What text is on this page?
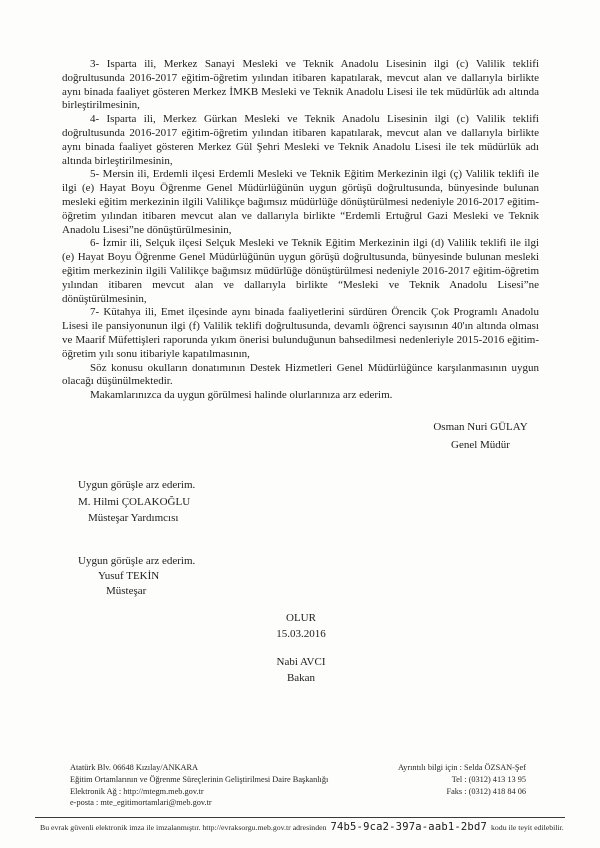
3- Isparta ili, Merkez Sanayi Mesleki ve Teknik Anadolu Lisesinin ilgi (c) Valilik teklifi doğrultusunda 2016-2017 eğitim-öğretim yılından itibaren kapatılarak, mevcut alan ve dallarıyla birlikte aynı binada faaliyet gösteren Merkez İMKB Mesleki ve Teknik Anadolu Lisesi ile tek müdürlük adı altında birleştirilmesinin,

4- Isparta ili, Merkez Gürkan Mesleki ve Teknik Anadolu Lisesinin ilgi (c) Valilik teklifi doğrultusunda 2016-2017 eğitim-öğretim yılından itibaren kapatılarak, mevcut alan ve dallarıyla birlikte aynı binada faaliyet gösteren Merkez Gül Şehri Mesleki ve Teknik Anadolu Lisesi ile tek müdürlük adı altında birleştirilmesinin,

5- Mersin ili, Erdemli ilçesi Erdemli Mesleki ve Teknik Eğitim Merkezinin ilgi (ç) Valilik teklifi ile ilgi (e) Hayat Boyu Öğrenme Genel Müdürlüğünün uygun görüşü doğrultusunda, bünyesinde bulunan mesleki eğitim merkezinin ilgili Valilikçe bağımsız müdürlüğe dönüştürülmesi nedeniyle 2016-2017 eğitim-öğretim yılından itibaren mevcut alan ve dallarıyla birlikte “Erdemli Ertuğrul Gazi Mesleki ve Teknik Anadolu Lisesi”ne dönüştürülmesinin,

6- İzmir ili, Selçuk ilçesi Selçuk Mesleki ve Teknik Eğitim Merkezinin ilgi (d) Valilik teklifi ile ilgi (e) Hayat Boyu Öğrenme Genel Müdürlüğünün uygun görüşü doğrultusunda, bünyesinde bulunan mesleki eğitim merkezinin ilgili Valilikçe bağımsız müdürlüğe dönüştürülmesi nedeniyle 2016-2017 eğitim-öğretim yılından itibaren mevcut alan ve dallarıyla birlikte “Mesleki ve Teknik Anadolu Lisesi”ne dönüştürülmesinin,

7- Kütahya ili, Emet ilçesinde aynı binada faaliyetlerini sürdüren Örencik Çok Programlı Anadolu Lisesi ile pansiyonunun ilgi (f) Valilik teklifi doğrultusunda, devamlı öğrenci sayısının 40'ın altında olması ve Maarif Müfettişleri raporunda yıkım önerisi bulunduğunun bahsedilmesi nedenleriyle 2015-2016 eğitim-öğretim yılı sonu itibariyle kapatılmasının,

Söz konusu okulların donatımının Destek Hizmetleri Genel Müdürlüğünce karşılanmasının uygun olacağı düşünülmektedir.

Makamlarınızca da uygun görülmesi halinde olurlarınıza arz ederim.

Osman Nuri GÜLAY
Genel Müdür
Uygun görüşle arz ederim.
M. Hilmi ÇOLAKOĞLU
Müsteşar Yardımcısı
Uygun görüşle arz ederim.
Yusuf TEKİN
Müsteşar
OLUR
15.03.2016
Nabi AVCI
Bakan
Atatürk Blv. 06648 Kızılay/ANKARA
Eğitim Ortamlarının ve Öğrenme Süreçlerinin Geliştirilmesi Daire Başkanlığı
Elektronik Ağ : http://mtegm.meb.gov.tr
e-posta : mte_egitimortamlari@meb.gov.tr
Ayrıntılı bilgi için : Selda ÖZSAN-Şef
Tel : (0312) 413 13 95
Faks : (0312) 418 84 06
Bu evrak güvenli elektronik imza ile imzalanmıştır. http://evraksorgu.meb.gov.tr adresinden 74b5-9ca2-397a-aab1-2bd7 kodu ile teyit edilebilir.
